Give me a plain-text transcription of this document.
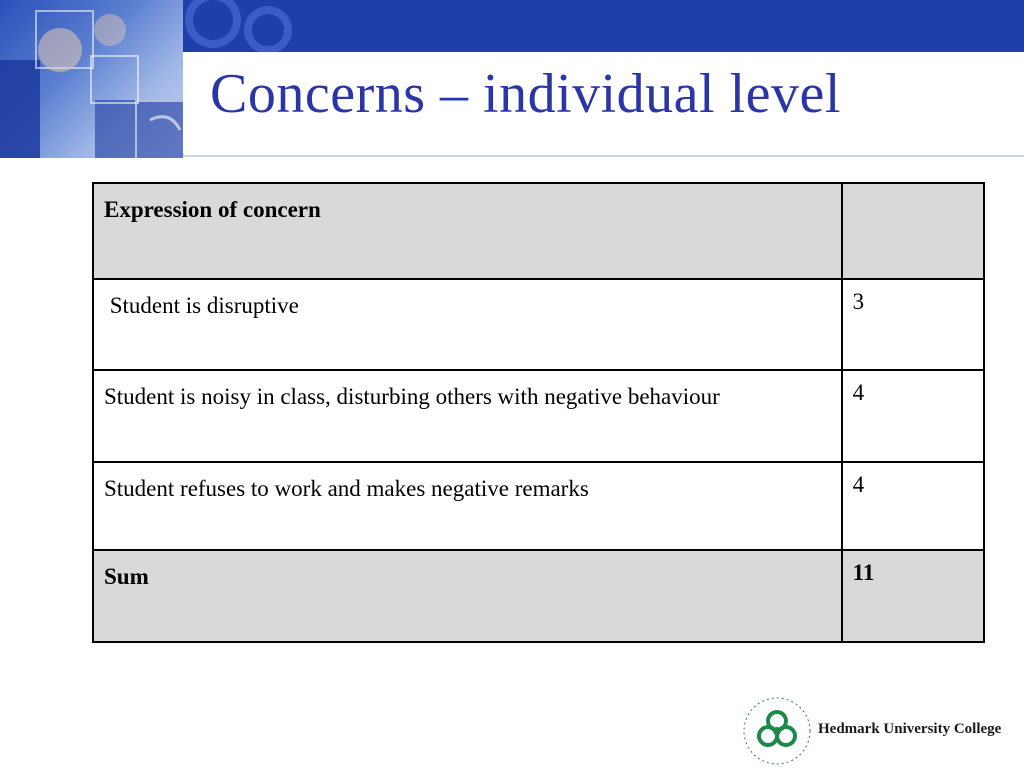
Concerns – individual level
Expression of concern	
Student is disruptive	3
Student is noisy in class, disturbing others with negative behaviour	4
Student refuses to work and makes negative remarks	4
Sum	11
Hedmark University College
